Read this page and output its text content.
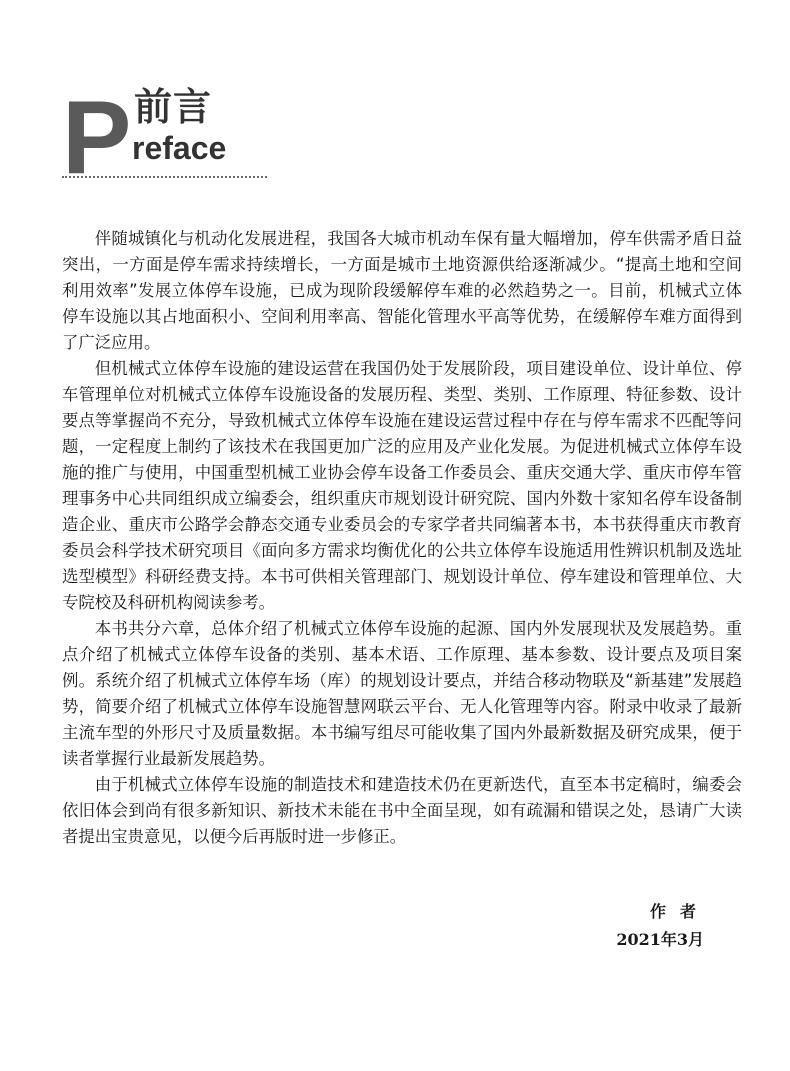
P 前言
reface

伴随城镇化与机动化发展进程，我国各大城市机动车保有量大幅增加，停车供需矛盾日益突出，一方面是停车需求持续增长，一方面是城市土地资源供给逐渐减少。“提高土地和空间利用效率”发展立体停车设施，已成为现阶段缓解停车难的必然趋势之一。目前，机械式立体停车设施以其占地面积小、空间利用率高、智能化管理水平高等优势，在缓解停车难方面得到了广泛应用。

但机械式立体停车设施的建设运营在我国仍处于发展阶段，项目建设单位、设计单位、停车管理单位对机械式立体停车设施设备的发展历程、类型、类别、工作原理、特征参数、设计要点等掌握尚不充分，导致机械式立体停车设施在建设运营过程中存在与停车需求不匹配等问题，一定程度上制约了该技术在我国更加广泛的应用及产业化发展。为促进机械式立体停车设施的推广与使用，中国重型机械工业协会停车设备工作委员会、重庆交通大学、重庆市停车管理事务中心共同组织成立编委会，组织重庆市规划设计研究院、国内外数十家知名停车设备制造企业、重庆市公路学会静态交通专业委员会的专家学者共同编著本书，本书获得重庆市教育委员会科学技术研究项目《面向多方需求均衡优化的公共立体停车设施适用性辨识机制及选址选型模型》科研经费支持。本书可供相关管理部门、规划设计单位、停车建设和管理单位、大专院校及科研机构阅读参考。

本书共分六章，总体介绍了机械式立体停车设施的起源、国内外发展现状及发展趋势。重点介绍了机械式立体停车设备的类别、基本术语、工作原理、基本参数、设计要点及项目案例。系统介绍了机械式立体停车场（库）的规划设计要点，并结合移动物联及“新基建”发展趋势，简要介绍了机械式立体停车设施智慧网联云平台、无人化管理等内容。附录中收录了最新主流车型的外形尺寸及质量数据。本书编写组尽可能收集了国内外最新数据及研究成果，便于读者掌握行业最新发展趋势。

由于机械式立体停车设施的制造技术和建造技术仍在更新迭代，直至本书定稿时，编委会依旧体会到尚有很多新知识、新技术未能在书中全面呈现，如有疏漏和错误之处，恳请广大读者提出宝贵意见，以便今后再版时进一步修正。

作者
2021年3月
